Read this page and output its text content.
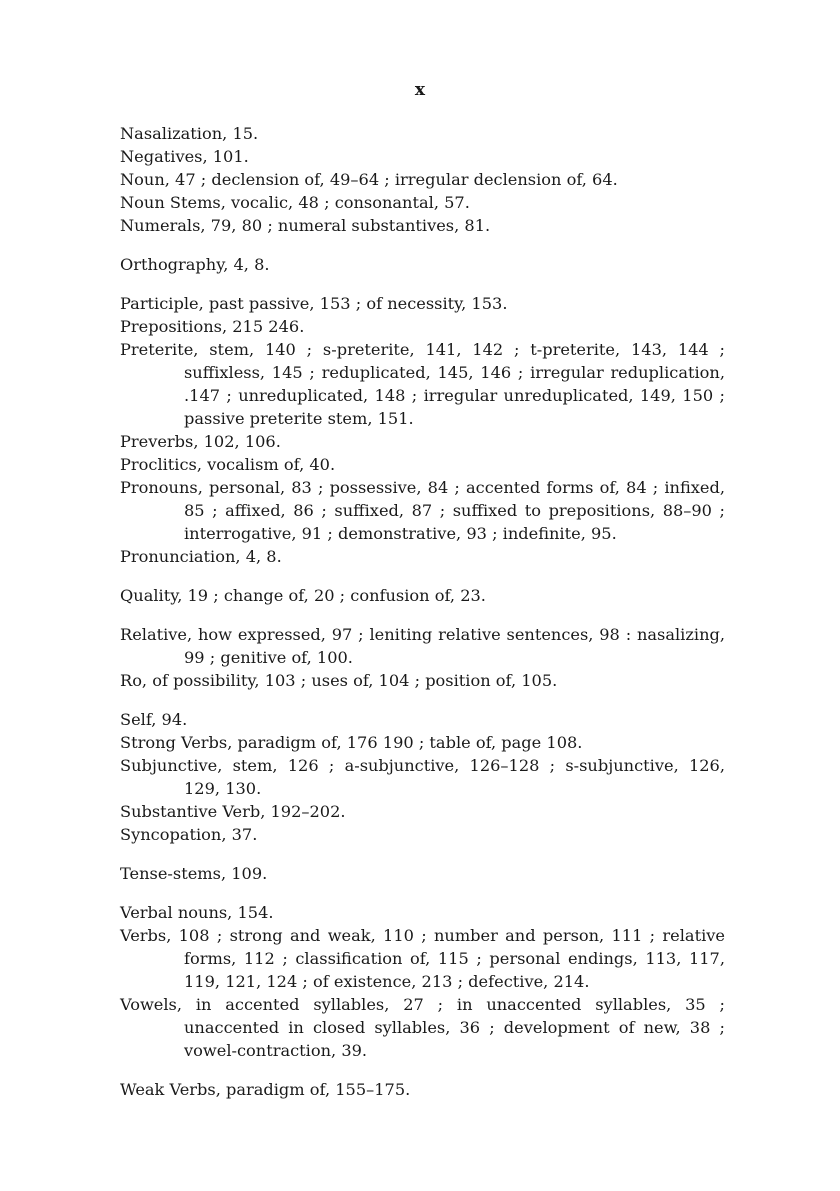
x

Nasalization, 15.

Negatives, 101.

Noun, 47 ; declension of, 49–64 ; irregular declension of, 64.

Noun Stems, vocalic, 48 ; consonantal, 57.

Numerals, 79, 80 ; numeral substantives, 81.

Orthography, 4, 8.

Participle, past passive, 153 ; of necessity, 153.

Prepositions, 215 246.

Preterite, stem, 140 ; s-preterite, 141, 142 ; t-preterite, 143, 144 ; suffixless, 145 ; reduplicated, 145, 146 ; irregular reduplication, .147 ; unreduplicated, 148 ; irregular unreduplicated, 149, 150 ; passive preterite stem, 151.

Preverbs, 102, 106.

Proclitics, vocalism of, 40.

Pronouns, personal, 83 ; possessive, 84 ; accented forms of, 84 ; infixed, 85 ; affixed, 86 ; suffixed, 87 ; suffixed to prepositions, 88–90 ; interrogative, 91 ; demonstrative, 93 ; indefinite, 95.

Pronunciation, 4, 8.

Quality, 19 ; change of, 20 ; confusion of, 23.

Relative, how expressed, 97 ; leniting relative sentences, 98 : nasalizing, 99 ; genitive of, 100.

Ro, of possibility, 103 ; uses of, 104 ; position of, 105.

Self, 94.

Strong Verbs, paradigm of, 176 190 ; table of, page 108.

Subjunctive, stem, 126 ; a-subjunctive, 126–128 ; s-subjunctive, 126, 129, 130.

Substantive Verb, 192–202.

Syncopation, 37.

Tense-stems, 109.

Verbal nouns, 154.

Verbs, 108 ; strong and weak, 110 ; number and person, 111 ; relative forms, 112 ; classification of, 115 ; personal endings, 113, 117, 119, 121, 124 ; of existence, 213 ; defective, 214.

Vowels, in accented syllables, 27 ; in unaccented syllables, 35 ; unaccented in closed syllables, 36 ; development of new, 38 ; vowel-contraction, 39.

Weak Verbs, paradigm of, 155–175.
